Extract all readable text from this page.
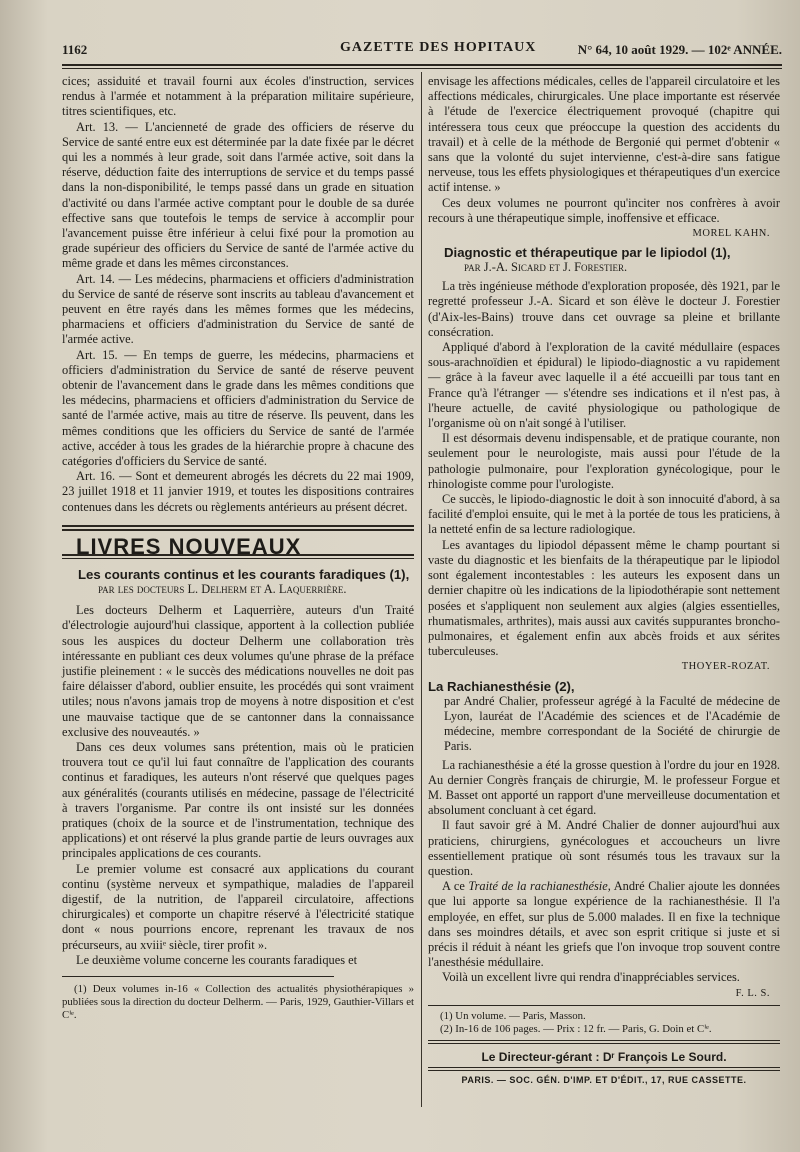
1162	GAZETTE DES HOPITAUX	N° 64, 10 août 1929. — 102ᵉ ANNÉE.

cices; assiduité et travail fourni aux écoles d'instruction, services rendus à l'armée et notamment à la préparation militaire supérieure, titres scientifiques, etc.

Art. 13. — L'ancienneté de grade des officiers de réserve du Service de santé entre eux est déterminée par la date fixée par le décret qui les a nommés à leur grade, soit dans l'armée active, soit dans la réserve, déduction faite des interruptions de service et du temps passé dans la non-disponibilité, le temps passé dans un grade en situation d'activité ou dans l'armée active comptant pour le double de sa durée effective sans que toutefois le temps de service à accomplir pour l'avancement puisse être inférieur à celui fixé pour la promotion au grade supérieur des officiers du Service de santé de l'armée active du même grade et dans les mêmes circonstances.

Art. 14. — Les médecins, pharmaciens et officiers d'administration du Service de santé de réserve sont inscrits au tableau d'avancement et peuvent en être rayés dans les mêmes formes que les médecins, pharmaciens et officiers d'administration du Service de santé de l'armée active.

Art. 15. — En temps de guerre, les médecins, pharmaciens et officiers d'administration du Service de santé de réserve peuvent obtenir de l'avancement dans le grade dans les mêmes conditions que les médecins, pharmaciens et officiers d'administration du Service de santé de l'armée active, mais au titre de réserve. Ils peuvent, dans les mêmes conditions que les officiers du Service de santé de l'armée active, accéder à tous les grades de la hiérarchie propre à chacune des catégories d'officiers du Service de santé.

Art. 16. — Sont et demeurent abrogés les décrets du 22 mai 1909, 23 juillet 1918 et 11 janvier 1919, et toutes les dispositions contraires contenues dans les décrets ou règlements antérieurs au présent décret.

LIVRES NOUVEAUX

Les courants continus et les courants faradiques (1),
par les docteurs L. Delherm et A. Laquerrière.

Les docteurs Delherm et Laquerrière, auteurs d'un Traité d'électrologie aujourd'hui classique, apportent à la collection publiée sous les auspices du docteur Delherm une collaboration très intéressante en publiant ces deux volumes qu'une phrase de la préface justifie pleinement : « le succès des médications nouvelles ne doit pas faire délaisser d'abord, oublier ensuite, les procédés qui sont vraiment utiles; nous n'avons jamais trop de moyens à notre disposition et c'est une mauvaise tactique que de se cantonner dans la connaissance exclusive des nouveautés. »

Dans ces deux volumes sans prétention, mais où le praticien trouvera tout ce qu'il lui faut connaître de l'application des courants continus et faradiques, les auteurs n'ont réservé que quelques pages aux généralités (courants utilisés en médecine, passage de l'électricité à travers l'organisme. Par contre ils ont insisté sur les données pratiques (choix de la source et de l'instrumentation, technique des applications) et ont réservé la plus grande partie de leurs ouvrages aux principales applications de ces courants.

Le premier volume est consacré aux applications du courant continu (système nerveux et sympathique, maladies de l'appareil digestif, de la nutrition, de l'appareil circulatoire, affections chirurgicales) et comporte un chapitre réservé à l'électricité statique dont « nous pourrions encore, reprenant les travaux de nos précurseurs, au xviiiᵉ siècle, tirer profit ».

Le deuxième volume concerne les courants faradiques et

(1) Deux volumes in-16 « Collection des actualités physiothérapiques » publiées sous la direction du docteur Delherm. — Paris, 1929, Gauthier-Villars et Cⁱᵉ.

envisage les affections médicales, celles de l'appareil circulatoire et les affections médicales, chirurgicales. Une place importante est réservée à l'étude de l'exercice électriquement provoqué (chapitre qui intéressera tous ceux que préoccupe la question des accidents du travail) et à celle de la méthode de Bergonié qui permet d'obtenir « sans que la volonté du sujet intervienne, c'est-à-dire sans fatigue nerveuse, tous les effets physiologiques et thérapeutiques d'un exercice actif intense. »

Ces deux volumes ne pourront qu'inciter nos confrères à avoir recours à une thérapeutique simple, inoffensive et efficace.

MOREL KAHN.
Diagnostic et thérapeutique par le lipiodol (1),
par J.-A. Sicard et J. Forestier.

La très ingénieuse méthode d'exploration proposée, dès 1921, par le regretté professeur J.-A. Sicard et son élève le docteur J. Forestier (d'Aix-les-Bains) trouve dans cet ouvrage sa pleine et brillante consécration.

Appliqué d'abord à l'exploration de la cavité médullaire (espaces sous-arachnoïdien et épidural) le lipiodo-diagnostic a vu rapidement — grâce à la faveur avec laquelle il a été accueilli par tous tant en France qu'à l'étranger — s'étendre ses indications et il n'est pas, à l'heure actuelle, de cavité physiologique ou pathologique de l'organisme où on n'ait songé à l'utiliser.

Il est désormais devenu indispensable, et de pratique courante, non seulement pour le neurologiste, mais aussi pour l'étude de la pathologie pulmonaire, pour l'exploration gynécologique, pour le rhinologiste comme pour l'urologiste.

Ce succès, le lipiodo-diagnostic le doit à son innocuité d'abord, à sa facilité d'emploi ensuite, qui le met à la portée de tous les praticiens, à la netteté enfin de sa lecture radiologique.

Les avantages du lipiodol dépassent même le champ pourtant si vaste du diagnostic et les bienfaits de la thérapeutique par le lipiodol sont également incontestables : les auteurs les exposent dans un dernier chapitre où les indications de la lipiodothérapie sont nettement posées et s'appliquent non seulement aux algies (algies essentielles, rhumatismales, arthrites), mais aussi aux cavités suppurantes broncho-pulmonaires, et également enfin aux abcès froids et aux sérites tuberculeuses.

THOYER-ROZAT.
La Rachianesthésie (2),
par André Chalier, professeur agrégé à la Faculté de médecine de Lyon, lauréat de l'Académie des sciences et de l'Académie de médecine, membre correspondant de la Société de chirurgie de Paris.

La rachianesthésie a été la grosse question à l'ordre du jour en 1928. Au dernier Congrès français de chirurgie, M. le professeur Forgue et M. Basset ont apporté un rapport d'une merveilleuse documentation et absolument concluant à cet égard.

Il faut savoir gré à M. André Chalier de donner aujourd'hui aux praticiens, chirurgiens, gynécologues et accoucheurs un livre essentiellement pratique où sont résumés tous les travaux sur la question.

A ce Traité de la rachianesthésie, André Chalier ajoute les données que lui apporte sa longue expérience de la rachianesthésie. Il l'a employée, en effet, sur plus de 5.000 malades. Il en fixe la technique dans ses moindres détails, et avec son esprit critique si juste et si précis il réduit à néant les griefs que l'on invoque trop souvent contre l'anesthésie médullaire.

Voilà un excellent livre qui rendra d'inappréciables services.

F. L. S.

(1) Un volume. — Paris, Masson.

(2) In-16 de 106 pages. — Prix : 12 fr. — Paris, G. Doin et Cⁱᵉ.

Le Directeur-gérant : Dʳ François Le Sourd.
PARIS. — SOC. GÉN. D'IMP. ET D'ÉDIT., 17, RUE CASSETTE.
